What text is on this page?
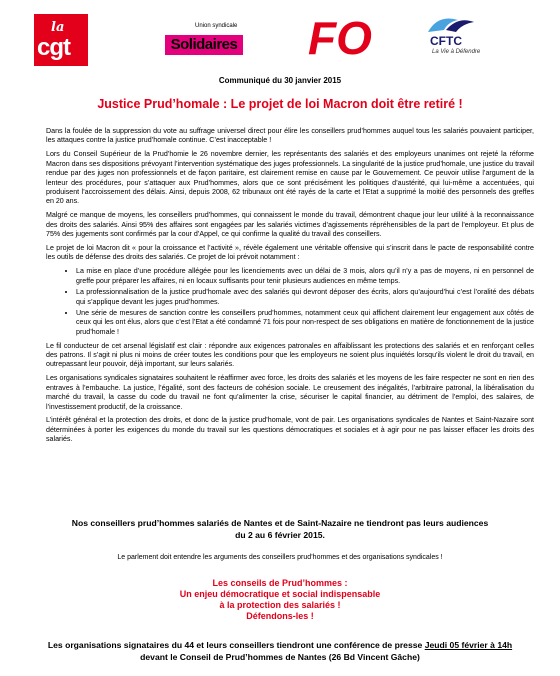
la
cgt
Union syndicale
Solidaires FO	CFTC
La Vie à Défendre
Communiqué du 30 janvier 2015
Justice Prud’homale : Le projet de loi Macron doit être retiré !

Dans la foulée de la suppression du vote au suffrage universel direct pour élire les conseillers prud’hommes auquel tous les salariés pouvaient participer, les attaques contre la justice prud’homale continue. C’est inacceptable !

Lors du Conseil Supérieur de la Prud’homie le 26 novembre dernier, les représentants des salariés et des employeurs unanimes ont rejeté la réforme Macron dans ses dispositions prévoyant l’intervention systématique des juges professionnels. La singularité de la justice prud’homale, une justice du travail rendue par des juges non professionnels et de façon paritaire, est clairement remise en cause par le Gouvernement. Ce peuvoir utilise l’argument de la lenteur des procédures, pour s’attaquer aux Prud’hommes, alors que ce sont précisément les politiques d’austérité, qui lui-même a accentuées, qui produisent l’accroissement des délais. Ainsi, depuis 2008, 62 tribunaux ont été rayés de la carte et l’Etat a supprimé la moitié des personnels des greffes en 20 ans.

Malgré ce manque de moyens, les conseillers prud’hommes, qui connaissent le monde du travail, démontrent chaque jour leur utilité à la reconnaissance des droits des salariés. Ainsi 95% des affaires sont engagées par les salariés victimes d’agissements répréhensibles de la part de l’employeur. Et plus de 75% des jugements sont confirmés par la cour d’Appel, ce qui confirme la qualité du travail des conseillers.

Le projet de loi Macron dit « pour la croissance et l’activité », révèle également une véritable offensive qui s’inscrit dans le pacte de responsabilité contre les outils de défense des droits des salariés. Ce projet de loi prévoit notamment :

• La mise en place d’une procédure allégée pour les licenciements avec un délai de 3 mois, alors qu’il n’y a pas de moyens, ni en personnel de greffe pour préparer les affaires, ni en locaux suffisants pour tenir plusieurs audiences en même temps.
• La professionnalisation de la justice prud’homale avec des salariés qui devront déposer des écrits, alors qu’aujourd’hui c’est l’oralité des débats qui s’applique devant les juges prud’hommes.
• Une série de mesures de sanction contre les conseillers prud’hommes, notamment ceux qui affichent clairement leur engagement aux côtés de ceux qui les ont élus, alors que c’est l’Etat a été condamné 71 fois pour non-respect de ses obligations en matière de fonctionnement de la justice prud’homale !

Le fil conducteur de cet arsenal législatif est clair : répondre aux exigences patronales en affaiblissant les protections des salariés et en renforçant celles des patrons. Il s’agit ni plus ni moins de créer toutes les conditions pour que les employeurs ne soient plus inquiétés lorsqu’ils violent le droit du travail, en outrepassant leur pouvoir, déjà important, sur leurs salariés.

Les organisations syndicales signataires souhaitent le réaffirmer avec force, les droits des salariés et les moyens de les faire respecter ne sont en rien des entraves à l’embauche. La justice, l’égalité, sont des facteurs de cohésion sociale. Le creusement des inégalités, l’arbitraire patronal, la libéralisation du marché du travail, la casse du code du travail ne font qu’alimenter la crise, sécuriser le capital financier, au détriment de l’emploi, des salaires, de l’investissement productif, de la croissance.

L’intérêt général et la protection des droits, et donc de la justice prud’homale, vont de pair. Les organisations syndicales de Nantes et Saint-Nazaire sont déterminées à porter les exigences du monde du travail sur les questions démocratiques et sociales et à agir pour ne pas laisser effacer les droits des salariés.

Nos conseillers prud’hommes salariés de Nantes et de Saint-Nazaire ne tiendront pas leurs audiences
du 2 au 6 février 2015.
Le parlement doit entendre les arguments des conseillers prud’hommes et des organisations syndicales !
Les conseils de Prud’hommes :
Un enjeu démocratique et social indispensable
à la protection des salariés !
Défendons-les !
Les organisations signataires du 44 et leurs conseillers tiendront une conférence de presse Jeudi 05 février à 14h
devant le Conseil de Prud’hommes de Nantes (26 Bd Vincent Gâche)
